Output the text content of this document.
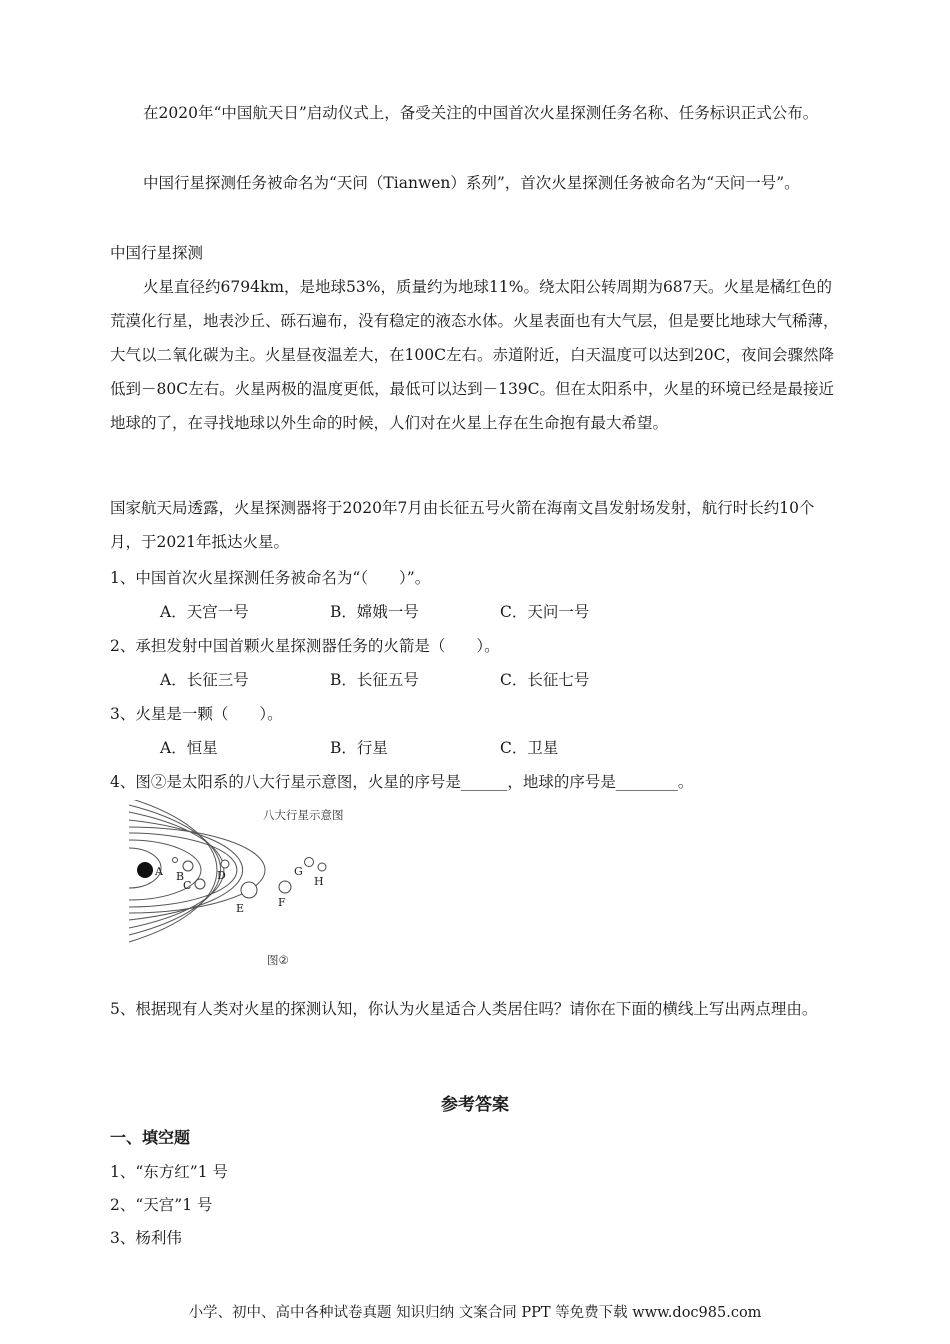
在2020年“中国航天日”启动仪式上，备受关注的中国首次火星探测任务名称、任务标识正式公布。

中国行星探测任务被命名为“天问（Tianwen）系列”，首次火星探测任务被命名为“天问一号”。

中国行星探测

火星直径约6794km，是地球53%，质量约为地球11%。绕太阳公转周期为687天。火星是橘红色的荒漠化行星，地表沙丘、砾石遍布，没有稳定的液态水体。火星表面也有大气层，但是要比地球大气稀薄，大气以二氧化碳为主。火星昼夜温差大，在100C左右。赤道附近，白天温度可以达到20C，夜间会骤然降低到－80C左右。火星两极的温度更低，最低可以达到－139C。但在太阳系中，火星的环境已经是最接近地球的了，在寻找地球以外生命的时候，人们对在火星上存在生命抱有最大希望。

国家航天局透露，火星探测器将于2020年7月由长征五号火箭在海南文昌发射场发射，航行时长约10个月，于2021年抵达火星。

1、中国首次火星探测任务被命名为“（　　）”。
A．天宫一号	B．嫦娥一号	C．天问一号
2、承担发射中国首颗火星探测器任务的火箭是（　　）。
A．长征三号	B．长征五号	C．长征七号
3、火星是一颗（　　）。
A．恒星	B．行星	C．卫星
4、图②是太阳系的八大行星示意图，火星的序号是______，地球的序号是________。
A B
C
D
E	F
G
H
八大行星示意图
图②

5、根据现有人类对火星的探测认知，你认为火星适合人类居住吗？请你在下面的横线上写出两点理由。

参考答案
一、填空题
1、“东方红”1 号
2、“天宫”1 号
3、杨利伟
小学、初中、高中各种试卷真题 知识归纳 文案合同 PPT 等免费下载 www.doc985.com
